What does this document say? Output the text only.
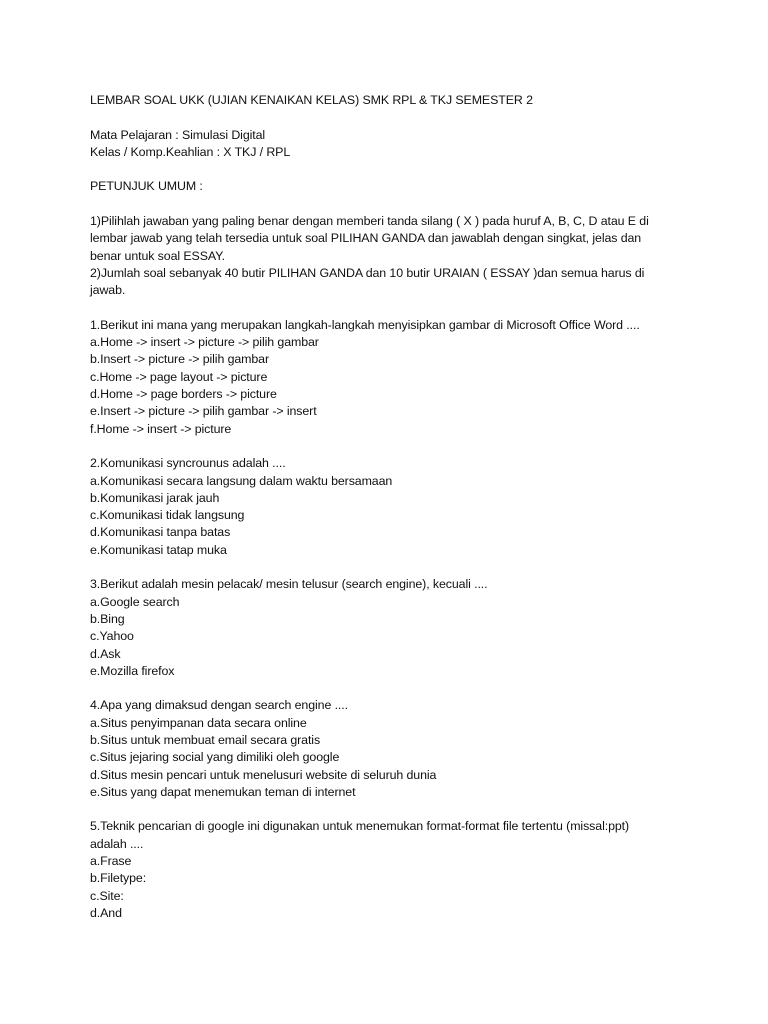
LEMBAR SOAL UKK (UJIAN KENAIKAN KELAS) SMK RPL & TKJ SEMESTER 2
Mata Pelajaran : Simulasi Digital
Kelas / Komp.Keahlian : X TKJ / RPL
PETUNJUK UMUM :
1)Pilihlah jawaban yang paling benar dengan memberi tanda silang ( X ) pada huruf A, B, C, D atau E di
lembar jawab yang telah tersedia untuk soal PILIHAN GANDA dan jawablah dengan singkat, jelas dan
benar untuk soal ESSAY.
2)Jumlah soal sebanyak 40 butir PILIHAN GANDA dan 10 butir URAIAN ( ESSAY )dan semua harus di
jawab.
1.Berikut ini mana yang merupakan langkah-langkah menyisipkan gambar di Microsoft Office Word ....
a.Home -> insert -> picture -> pilih gambar
b.Insert -> picture -> pilih gambar
c.Home -> page layout -> picture
d.Home -> page borders -> picture
e.Insert -> picture -> pilih gambar -> insert
f.Home -> insert -> picture
2.Komunikasi syncrounus adalah ....
a.Komunikasi secara langsung dalam waktu bersamaan
b.Komunikasi jarak jauh
c.Komunikasi tidak langsung
d.Komunikasi tanpa batas
e.Komunikasi tatap muka
3.Berikut adalah mesin pelacak/ mesin telusur (search engine), kecuali ....
a.Google search
b.Bing
c.Yahoo
d.Ask
e.Mozilla firefox
4.Apa yang dimaksud dengan search engine ....
a.Situs penyimpanan data secara online
b.Situs untuk membuat email secara gratis
c.Situs jejaring social yang dimiliki oleh google
d.Situs mesin pencari untuk menelusuri website di seluruh dunia
e.Situs yang dapat menemukan teman di internet
5.Teknik pencarian di google ini digunakan untuk menemukan format-format file tertentu (missal:ppt)
adalah ....
a.Frase
b.Filetype:
c.Site:
d.And
